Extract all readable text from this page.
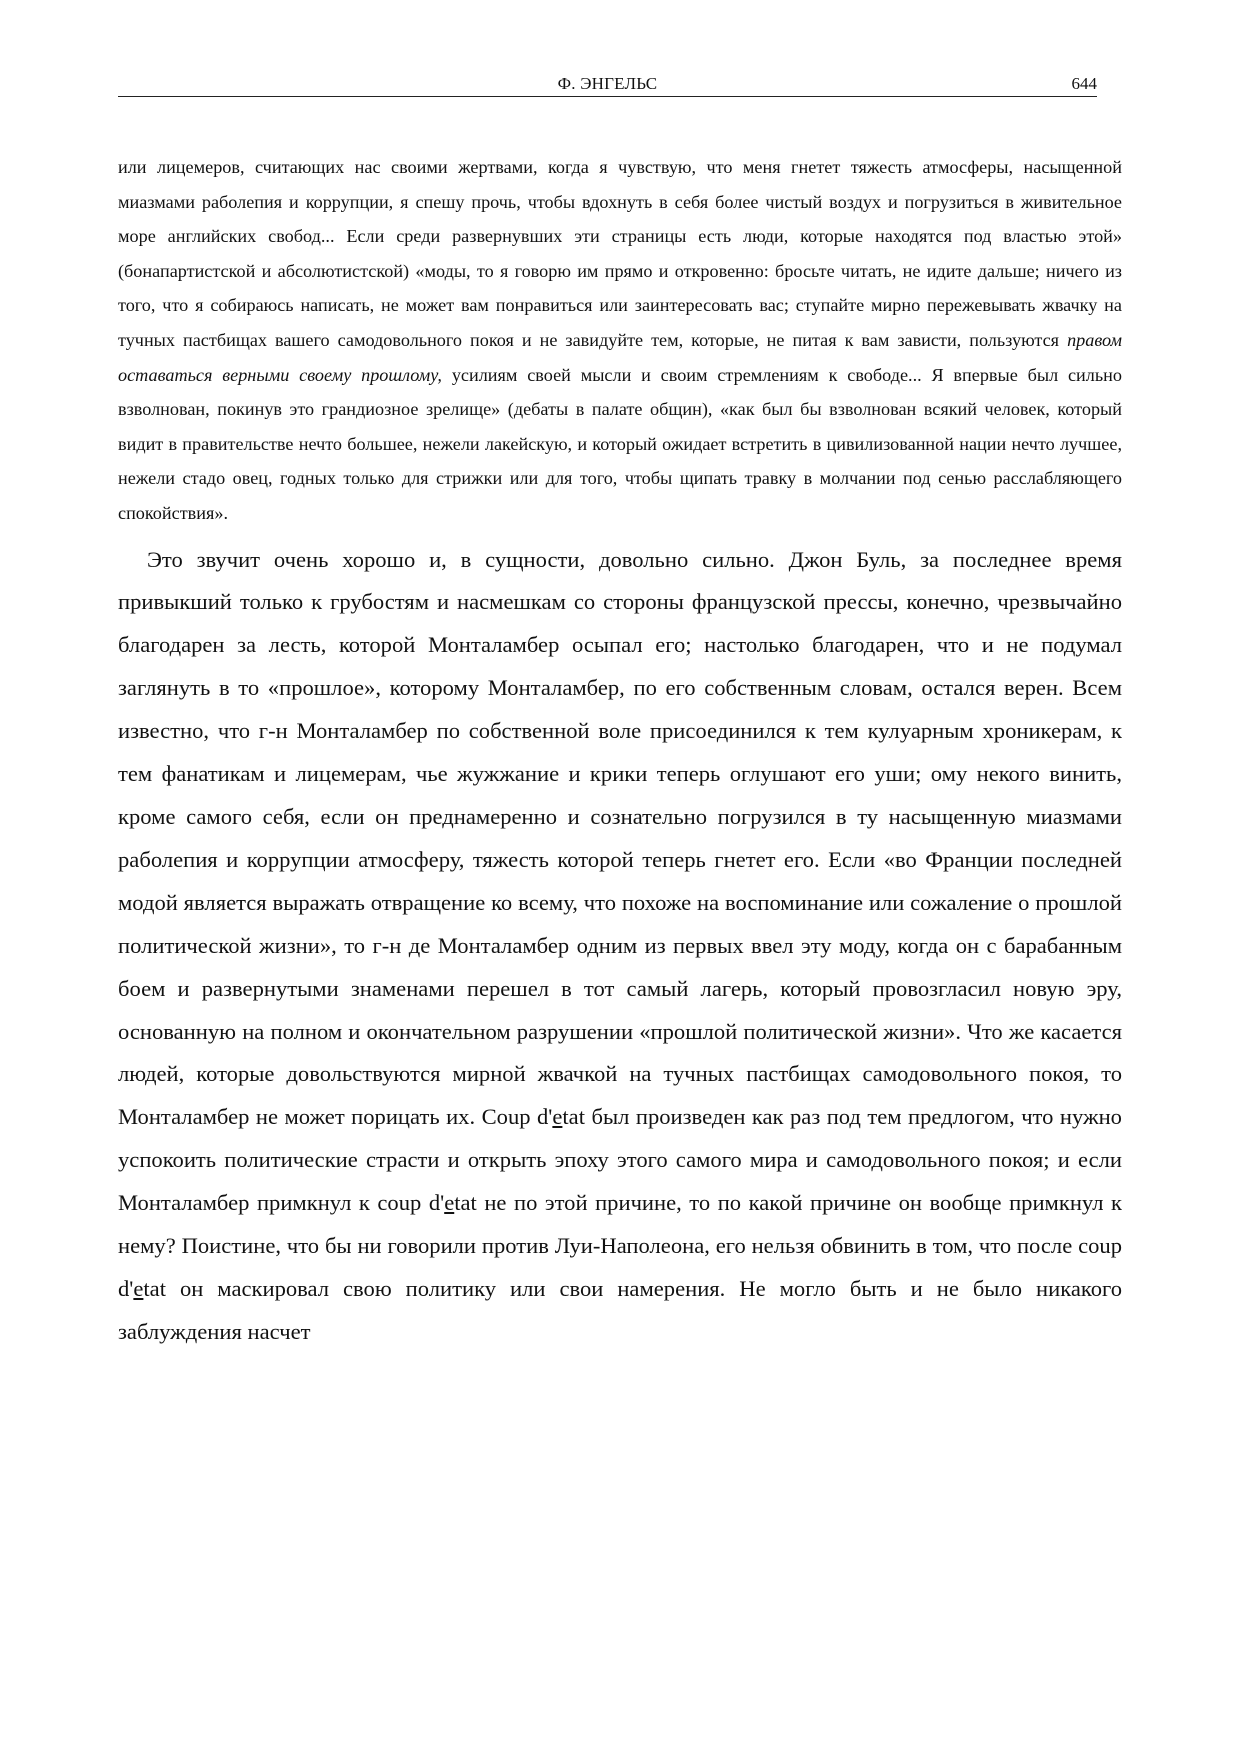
Ф. ЭНГЕЛЬС	644

или лицемеров, считающих нас своими жертвами, когда я чувствую, что меня гнетет тяжесть атмосферы, насыщенной миазмами раболепия и коррупции, я спешу прочь, чтобы вдохнуть в себя более чистый воздух и погрузиться в живительное море английских свобод... Если среди развернувших эти страницы есть люди, которые находятся под властью этой» (бонапартистской и абсолютистской) «моды, то я говорю им прямо и откровенно: бросьте читать, не идите дальше; ничего из того, что я собираюсь написать, не может вам понравиться или заинтересовать вас; ступайте мирно пережевывать жвачку на тучных пастбищах вашего самодовольного покоя и не завидуйте тем, которые, не питая к вам зависти, пользуются правом оставаться верными своему прошлому, усилиям своей мысли и своим стремлениям к свободе... Я впервые был сильно взволнован, покинув это грандиозное зрелище» (дебаты в палате общин), «как был бы взволнован всякий человек, который видит в правительстве нечто большее, нежели лакейскую, и который ожидает встретить в цивилизованной нации нечто лучшее, нежели стадо овец, годных только для стрижки или для того, чтобы щипать травку в молчании под сенью расслабляющего спокойствия».

Это звучит очень хорошо и, в сущности, довольно сильно. Джон Буль, за последнее время привыкший только к грубостям и насмешкам со стороны французской прессы, конечно, чрезвычайно благодарен за лесть, которой Монталамбер осыпал его; настолько благодарен, что и не подумал заглянуть в то «прошлое», которому Монталамбер, по его собственным словам, остался верен. Всем известно, что г-н Монталамбер по собственной воле присоединился к тем кулуарным хроникерам, к тем фанатикам и лицемерам, чье жужжание и крики теперь оглушают его уши; ому некого винить, кроме самого себя, если он преднамеренно и сознательно погрузился в ту насыщенную миазмами раболепия и коррупции атмосферу, тяжесть которой теперь гнетет его. Если «во Франции последней модой является выражать отвращение ко всему, что похоже на воспоминание или сожаление о прошлой политической жизни», то г-н де Монталамбер одним из первых ввел эту моду, когда он с барабанным боем и развернутыми знаменами перешел в тот самый лагерь, который провозгласил новую эру, основанную на полном и окончательном разрушении «прошлой политической жизни». Что же касается людей, которые довольствуются мирной жвачкой на тучных пастбищах самодовольного покоя, то Монталамбер не может порицать их. Coup d'etat был произведен как раз под тем предлогом, что нужно успокоить политические страсти и открыть эпоху этого самого мира и самодовольного покоя; и если Монталамбер примкнул к coup d'etat не по этой причине, то по какой причине он вообще примкнул к нему? Поистине, что бы ни говорили против Луи-Наполеона, его нельзя обвинить в том, что после coup d'etat он маскировал свою политику или свои намерения. Не могло быть и не было никакого заблуждения насчет
